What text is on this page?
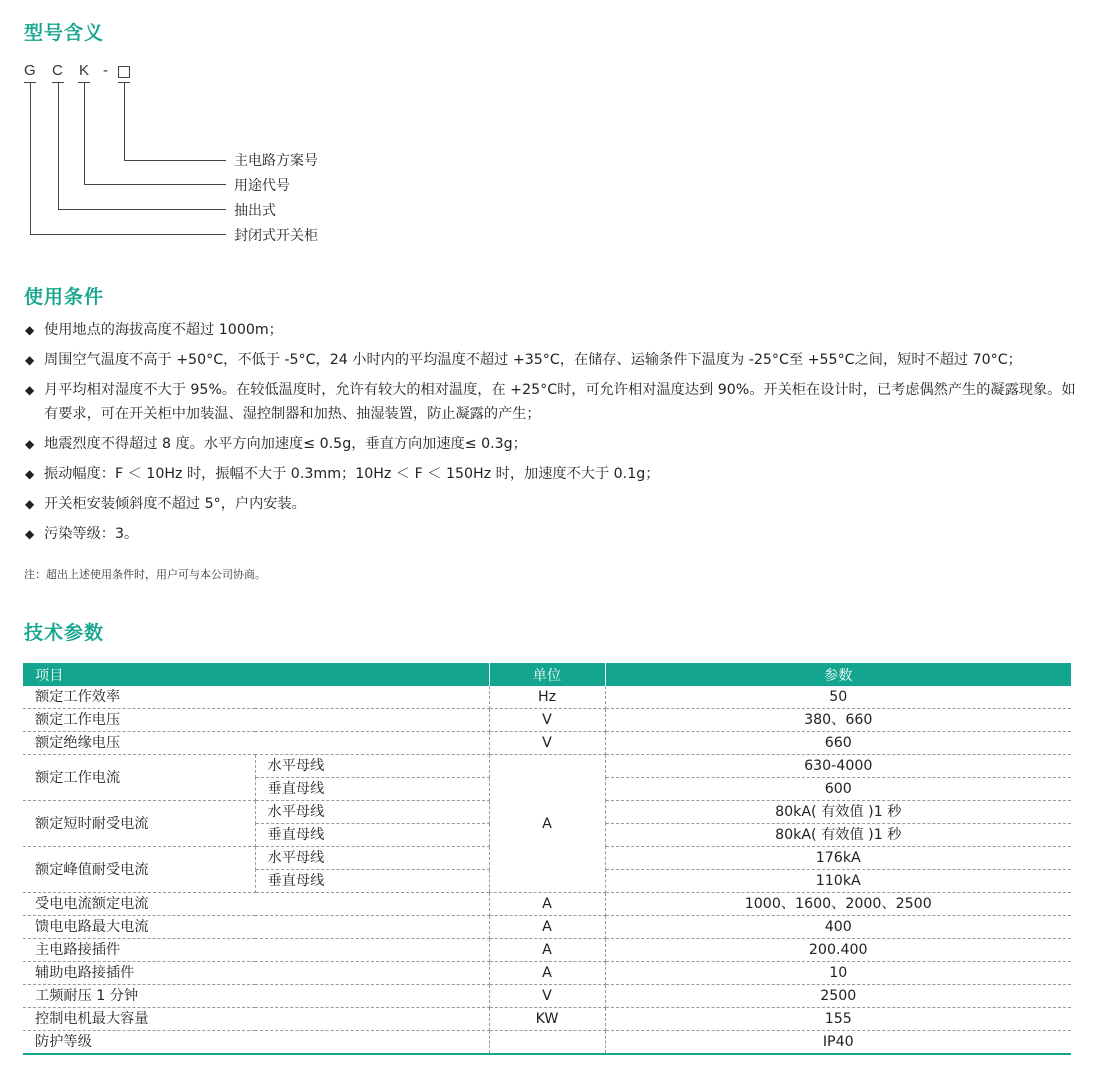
型号含义
G C K -
主电路方案号
用途代号
抽出式
封闭式开关柜
使用条件
◆ 使用地点的海拔高度不超过 1000m；
◆ 周围空气温度不高于 +50°C，不低于 -5°C，24 小时内的平均温度不超过 +35°C，在储存、运输条件下温度为 -25°C至 +55°C之间，短时不超过 70°C；
◆ 月平均相对湿度不大于 95%。在较低温度时，允许有较大的相对温度，在 +25°C时，可允许相对温度达到 90%。开关柜在设计时，已考虑偶然产生的凝露现象。如有要求，可在开关柜中加装温、湿控制器和加热、抽湿装置，防止凝露的产生；
◆ 地震烈度不得超过 8 度。水平方向加速度≤ 0.5g，垂直方向加速度≤ 0.3g；
◆ 振动幅度：F ＜ 10Hz 时，振幅不大于 0.3mm；10Hz ＜ F ＜ 150Hz 时，加速度不大于 0.1g；
◆ 开关柜安装倾斜度不超过 5°，户内安装。
◆ 污染等级：3。
注：超出上述使用条件时，用户可与本公司协商。
技术参数
项目		单位	参数
额定工作效率		Hz	50
额定工作电压		V	380、660
额定绝缘电压		V	660
额定工作电流	水平母线	A	630-4000
	垂直母线		600
额定短时耐受电流	水平母线		80kA( 有效值 )1 秒
	垂直母线		80kA( 有效值 )1 秒
额定峰值耐受电流	水平母线		176kA
	垂直母线		110kA
受电电流额定电流		A	1000、1600、2000、2500
馈电电路最大电流		A	400
主电路接插件		A	200.400
辅助电路接插件		A	10
工频耐压 1 分钟		V	2500
控制电机最大容量		KW	155
防护等级			IP40
